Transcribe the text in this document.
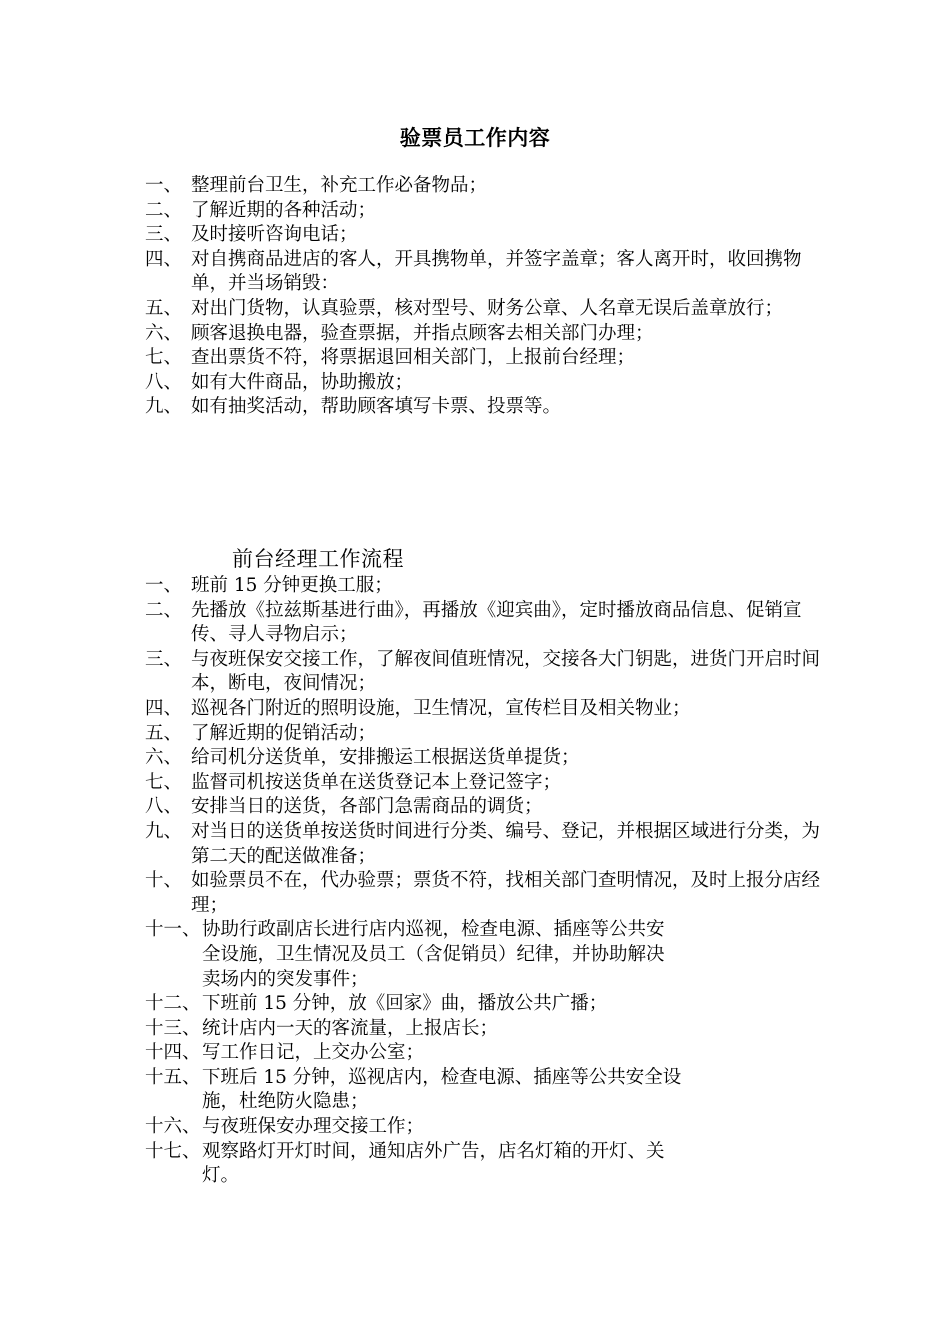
验票员工作内容
一、 整理前台卫生，补充工作必备物品；
二、 了解近期的各种活动；
三、 及时接听咨询电话；
四、 对自携商品进店的客人，开具携物单，并签字盖章；客人离开时，收回携物单，并当场销毁：
五、 对出门货物，认真验票，核对型号、财务公章、人名章无误后盖章放行；
六、 顾客退换电器，验查票据，并指点顾客去相关部门办理；
七、 查出票货不符，将票据退回相关部门，上报前台经理；
八、 如有大件商品，协助搬放；
九、 如有抽奖活动，帮助顾客填写卡票、投票等。
前台经理工作流程
一、 班前 15 分钟更换工服；
二、 先播放《拉兹斯基进行曲》，再播放《迎宾曲》，定时播放商品信息、促销宣传、寻人寻物启示；
三、 与夜班保安交接工作，了解夜间值班情况，交接各大门钥匙，进货门开启时间本，断电，夜间情况；
四、 巡视各门附近的照明设施，卫生情况，宣传栏目及相关物业；
五、 了解近期的促销活动；
六、 给司机分送货单，安排搬运工根据送货单提货；
七、 监督司机按送货单在送货登记本上登记签字；
八、 安排当日的送货，各部门急需商品的调货；
九、 对当日的送货单按送货时间进行分类、编号、登记，并根据区域进行分类，为第二天的配送做准备；
十、 如验票员不在，代办验票；票货不符，找相关部门查明情况，及时上报分店经理；
十一、 协助行政副店长进行店内巡视，检查电源、插座等公共安全设施，卫生情况及员工（含促销员）纪律，并协助解决卖场内的突发事件；
十二、 下班前 15 分钟，放《回家》曲，播放公共广播；
十三、 统计店内一天的客流量，上报店长；
十四、 写工作日记，上交办公室；
十五、 下班后 15 分钟，巡视店内，检查电源、插座等公共安全设施，杜绝防火隐患；
十六、 与夜班保安办理交接工作；
十七、 观察路灯开灯时间，通知店外广告，店名灯箱的开灯、关灯。
